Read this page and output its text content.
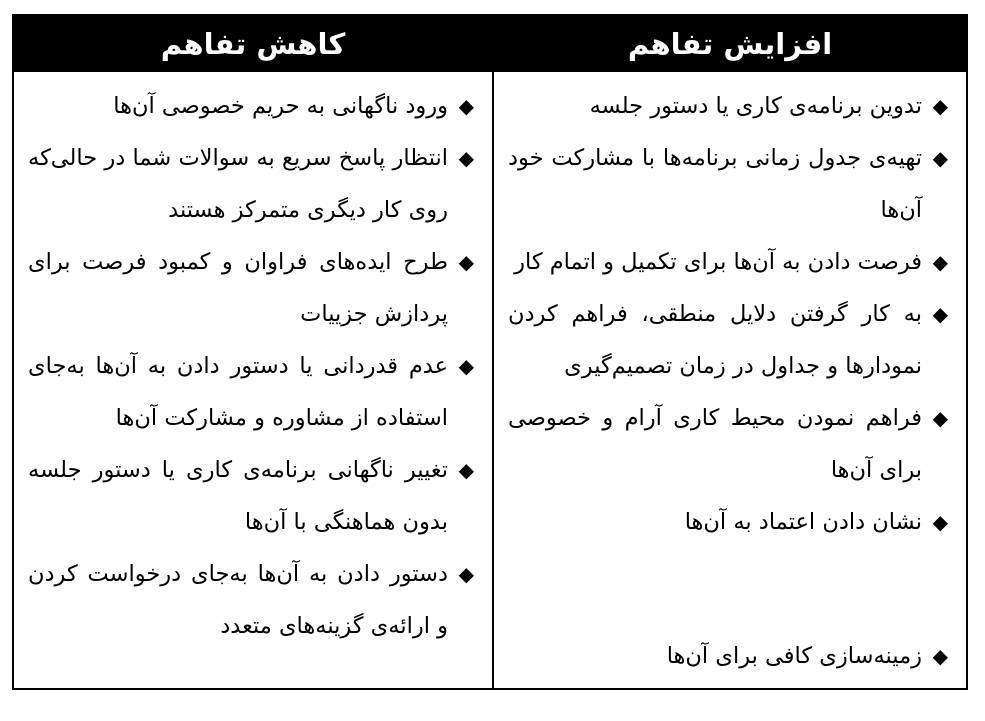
افزایش تفاهم
◆
تدوین برنامه‌ی کاری یا دستور جلسه
◆
تهیه‌ی جدول زمانی برنامه‌ها با مشارکت خود آن‌ها
◆
فرصت دادن به آن‌ها برای تکمیل و اتمام کار
◆
به کار گرفتن دلایل منطقی، فراهم کردن نمودارها و جداول در زمان تصمیم‌گیری
◆
فراهم نمودن محیط کاری آرام و خصوصی برای آن‌ها
◆
نشان دادن اعتماد به آن‌ها
◆
زمینه‌سازی کافی برای آن‌ها
کاهش تفاهم
◆
ورود ناگهانی به حریم خصوصی آن‌ها
◆
انتظار پاسخ سریع به سوالات شما در حالی‌که روی کار دیگری متمرکز هستند
◆
طرح ایده‌های فراوان و کمبود فرصت برای پردازش جزییات
◆
عدم قدردانی یا دستور دادن به آن‌ها به‌جای استفاده از مشاوره و مشارکت آن‌ها
◆
تغییر ناگهانی برنامه‌ی کاری یا دستور جلسه بدون هماهنگی با آن‌ها
◆
دستور دادن به آن‌ها به‌جای درخواست کردن و ارائه‌ی گزینه‌های متعدد
